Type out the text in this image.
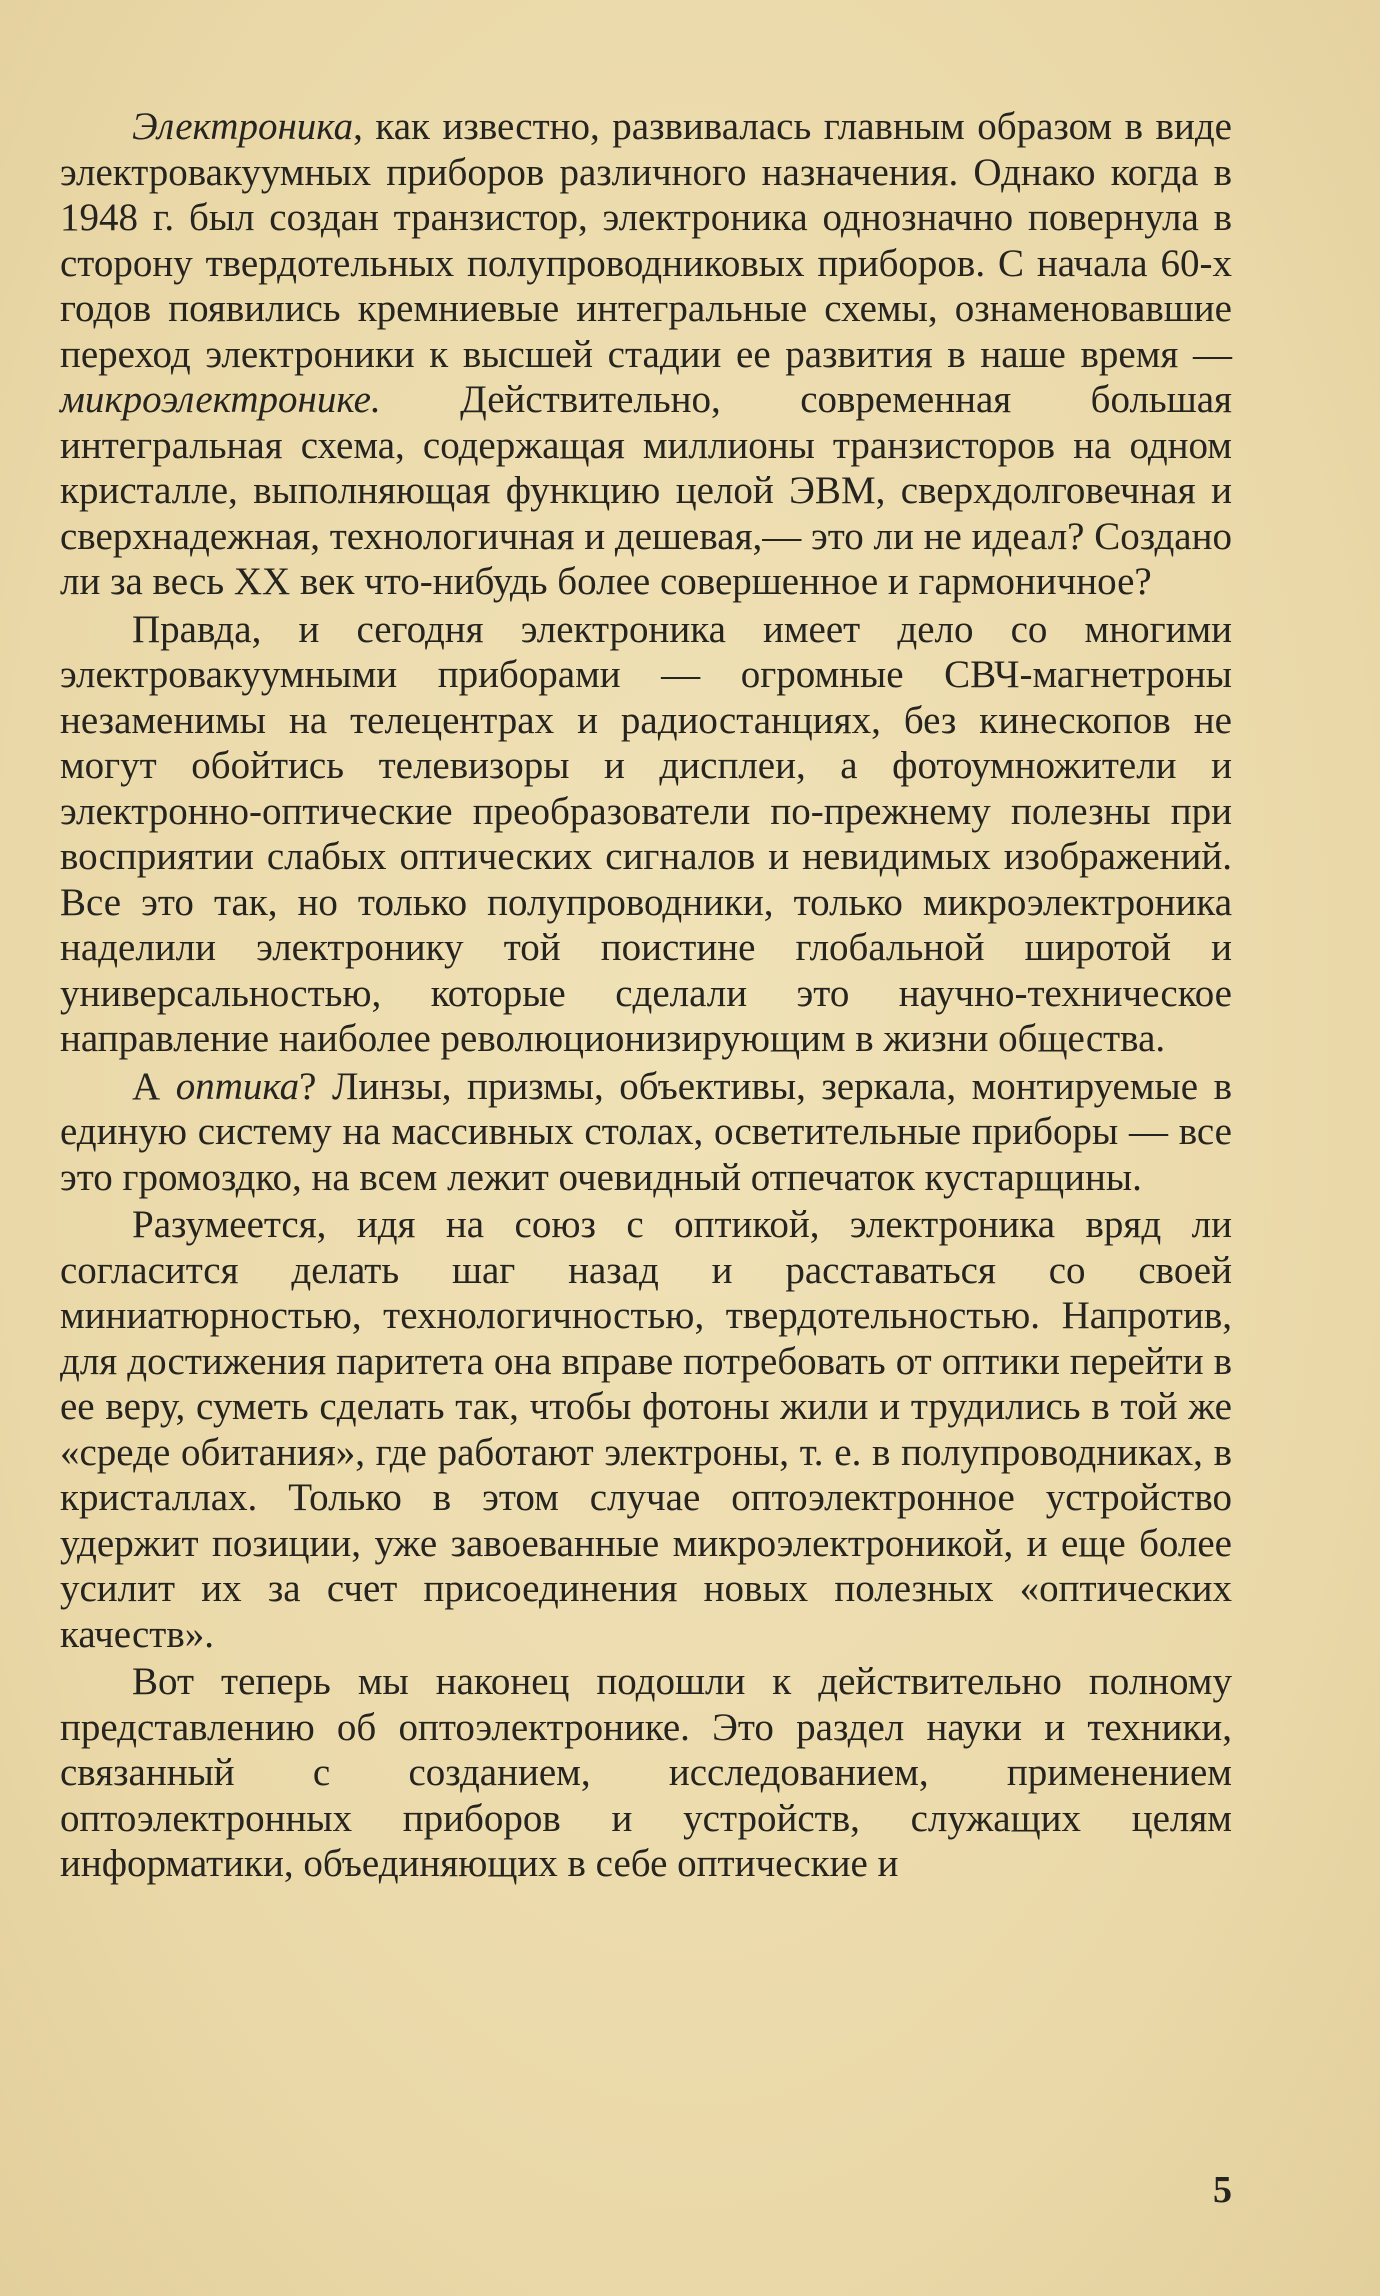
Электроника, как известно, развивалась главным образом в виде электровакуумных приборов различного назначения. Однако когда в 1948 г. был создан транзистор, электроника однозначно повернула в сторону твердотельных полупроводниковых приборов. С начала 60-х годов появились кремниевые интегральные схемы, ознаменовавшие переход электроники к высшей стадии ее развития в наше время — микроэлектронике. Действительно, современная большая интегральная схема, содержащая миллионы транзисторов на одном кристалле, выполняющая функцию целой ЭВМ, сверхдолговечная и сверхнадежная, технологичная и дешевая,— это ли не идеал? Создано ли за весь XX век что-нибудь более совершенное и гармоничное?

Правда, и сегодня электроника имеет дело со многими электровакуумными приборами — огромные СВЧ-магнетроны незаменимы на телецентрах и радиостанциях, без кинескопов не могут обойтись телевизоры и дисплеи, а фотоумножители и электронно-оптические преобразователи по-прежнему полезны при восприятии слабых оптических сигналов и невидимых изображений. Все это так, но только полупроводники, только микроэлектроника наделили электронику той поистине глобальной широтой и универсальностью, которые сделали это научно-техническое направление наиболее революционизирующим в жизни общества.

А оптика? Линзы, призмы, объективы, зеркала, монтируемые в единую систему на массивных столах, осветительные приборы — все это громоздко, на всем лежит очевидный отпечаток кустарщины.

Разумеется, идя на союз с оптикой, электроника вряд ли согласится делать шаг назад и расставаться со своей миниатюрностью, технологичностью, твердотельностью. Напротив, для достижения паритета она вправе потребовать от оптики перейти в ее веру, суметь сделать так, чтобы фотоны жили и трудились в той же «среде обитания», где работают электроны, т. е. в полупроводниках, в кристаллах. Только в этом случае оптоэлектронное устройство удержит позиции, уже завоеванные микроэлектроникой, и еще более усилит их за счет присоединения новых полезных «оптических качеств».

Вот теперь мы наконец подошли к действительно полному представлению об оптоэлектронике. Это раздел науки и техники, связанный с созданием, исследованием, применением оптоэлектронных приборов и устройств, служащих целям информатики, объединяющих в себе оптические и

5
